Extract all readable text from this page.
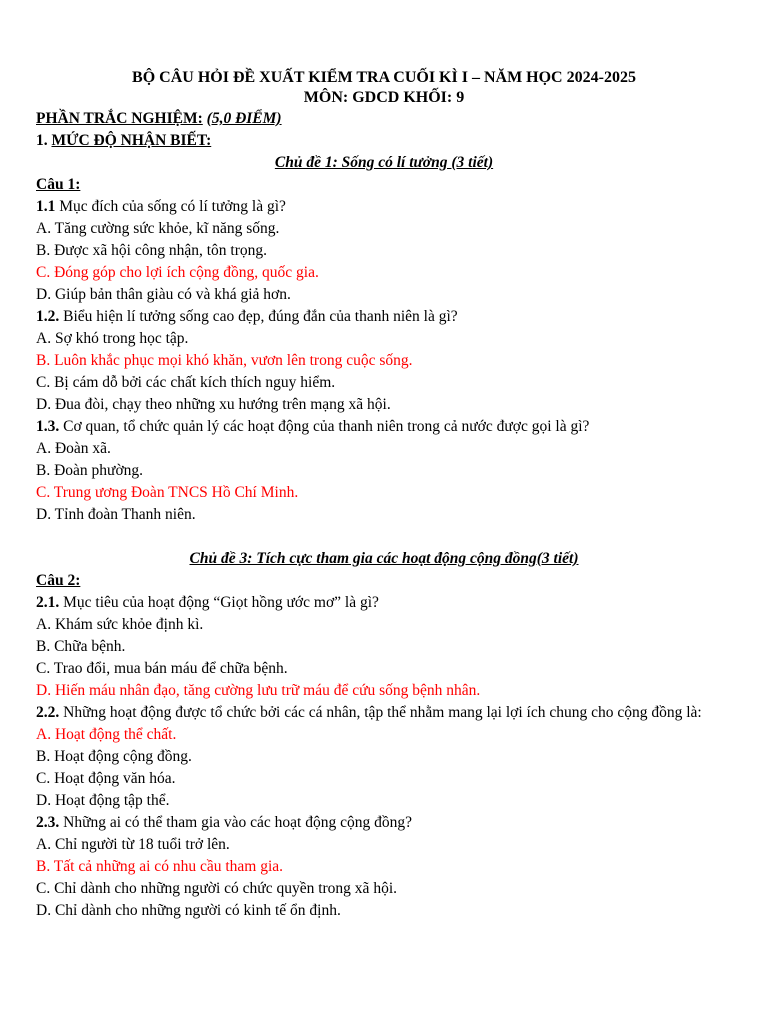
BỘ CÂU HỎI ĐỀ XUẤT KIỂM TRA CUỐI KÌ I – NĂM HỌC 2024-2025
MÔN: GDCD KHỐI: 9
PHẦN TRẮC NGHIỆM: (5,0 ĐIỂM)
1. MỨC ĐỘ NHẬN BIẾT:
Chủ đề 1: Sống có lí tưởng (3 tiết)
Câu 1:
1.1 Mục đích của sống có lí tưởng là gì?
A. Tăng cường sức khỏe, kĩ năng sống.
B. Được xã hội công nhận, tôn trọng.
C. Đóng góp cho lợi ích cộng đồng, quốc gia.
D. Giúp bản thân giàu có và khá giả hơn.
1.2. Biểu hiện lí tưởng sống cao đẹp, đúng đắn của thanh niên là gì?
A. Sợ khó trong học tập.
B. Luôn khắc phục mọi khó khăn, vươn lên trong cuộc sống.
C. Bị cám dỗ bởi các chất kích thích nguy hiểm.
D. Đua đòi, chạy theo những xu hướng trên mạng xã hội.
1.3. Cơ quan, tổ chức quản lý các hoạt động của thanh niên trong cả nước được gọi là gì?
A. Đoàn xã.
B. Đoàn phường.
C. Trung ương Đoàn TNCS Hồ Chí Minh.
D. Tỉnh đoàn Thanh niên.
Chủ đề 3: Tích cực tham gia các hoạt động cộng đồng(3 tiết)
Câu 2:
2.1. Mục tiêu của hoạt động “Giọt hồng ước mơ” là gì?
A. Khám sức khỏe định kì.
B. Chữa bệnh.
C. Trao đổi, mua bán máu để chữa bệnh.
D. Hiến máu nhân đạo, tăng cường lưu trữ máu để cứu sống bệnh nhân.
2.2. Những hoạt động được tổ chức bởi các cá nhân, tập thể nhằm mang lại lợi ích chung cho cộng đồng là:
A. Hoạt động thể chất.
B. Hoạt động cộng đồng.
C. Hoạt động văn hóa.
D. Hoạt động tập thể.
2.3. Những ai có thể tham gia vào các hoạt động cộng đồng?
A. Chỉ người từ 18 tuổi trở lên.
B. Tất cả những ai có nhu cầu tham gia.
C. Chỉ dành cho những người có chức quyền trong xã hội.
D. Chỉ dành cho những người có kinh tế ổn định.
